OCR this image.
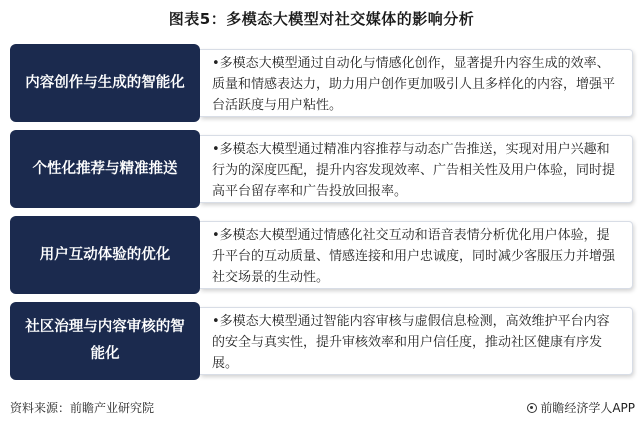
图表5：多模态大模型对社交媒体的影响分析
内容创作与生成的智能化
•多模态大模型通过自动化与情感化创作，显著提升内容生成的效率、质量和情感表达力，助力用户创作更加吸引人且多样化的内容，增强平台活跃度与用户粘性。
个性化推荐与精准推送
•多模态大模型通过精准内容推荐与动态广告推送，实现对用户兴趣和行为的深度匹配，提升内容发现效率、广告相关性及用户体验，同时提高平台留存率和广告投放回报率。
用户互动体验的优化
•多模态大模型通过情感化社交互动和语音表情分析优化用户体验，提升平台的互动质量、情感连接和用户忠诚度，同时减少客服压力并增强社交场景的生动性。
社区治理与内容审核的智能化
•多模态大模型通过智能内容审核与虚假信息检测，高效维护平台内容的安全与真实性，提升审核效率和用户信任度，推动社区健康有序发展。
资料来源：前瞻产业研究院	前瞻经济学人APP
